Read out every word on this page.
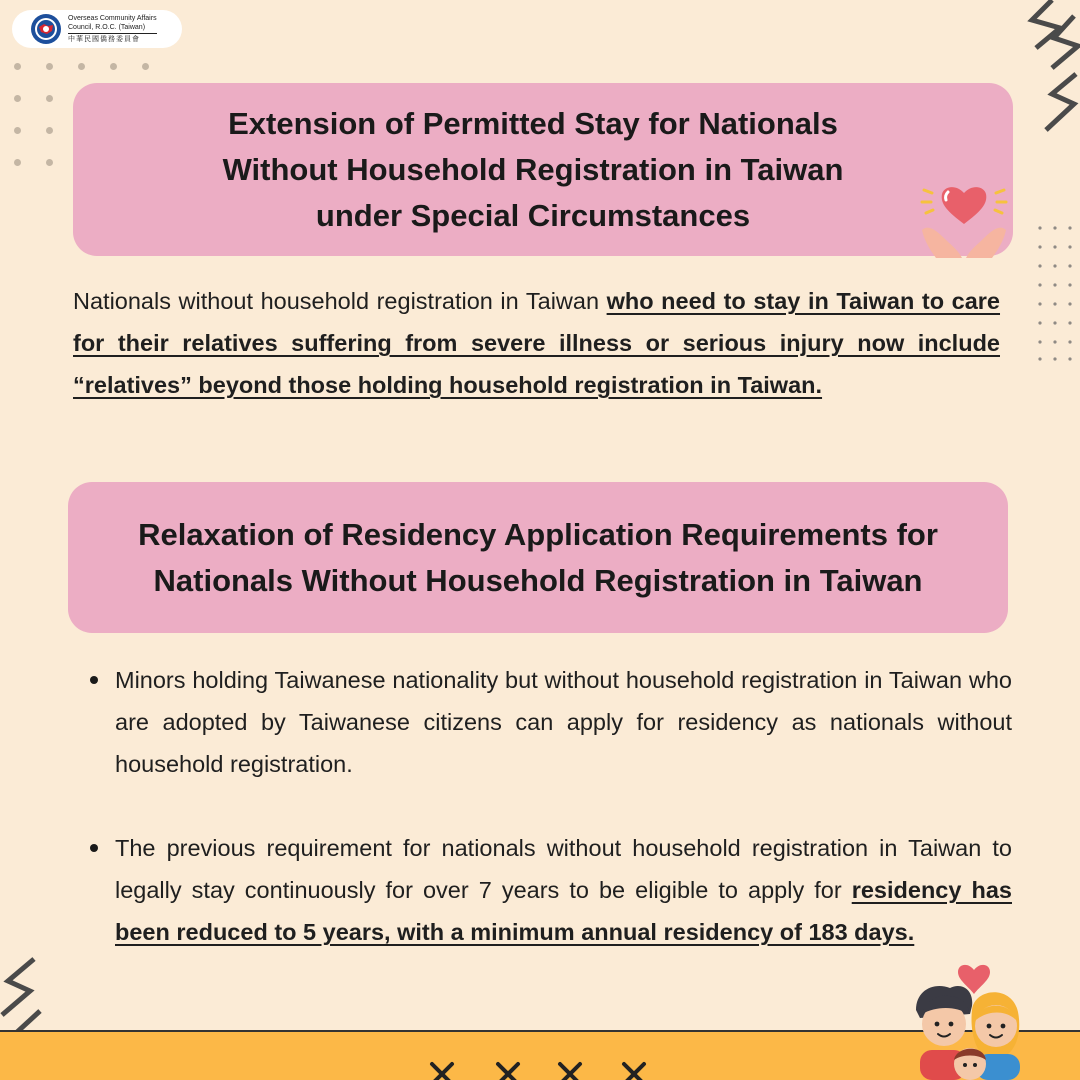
Overseas Community Affairs
Council, R.O.C. (Taiwan)
中華民國僑務委員會
Extension of Permitted Stay for Nationals
Without Household Registration in Taiwan
under Special Circumstances
Nationals without household registration in Taiwan who need to stay in Taiwan to care for their relatives suffering from severe illness or serious injury now include “relatives” beyond those holding household registration in Taiwan.
Relaxation of Residency Application Requirements for
Nationals Without Household Registration in Taiwan
Minors holding Taiwanese nationality but without household registration in Taiwan who are adopted by Taiwanese citizens can apply for residency as nationals without household registration.
The previous requirement for nationals without household registration in Taiwan to legally stay continuously for over 7 years to be eligible to apply for residency has been reduced to 5 years, with a minimum annual residency of 183 days.
